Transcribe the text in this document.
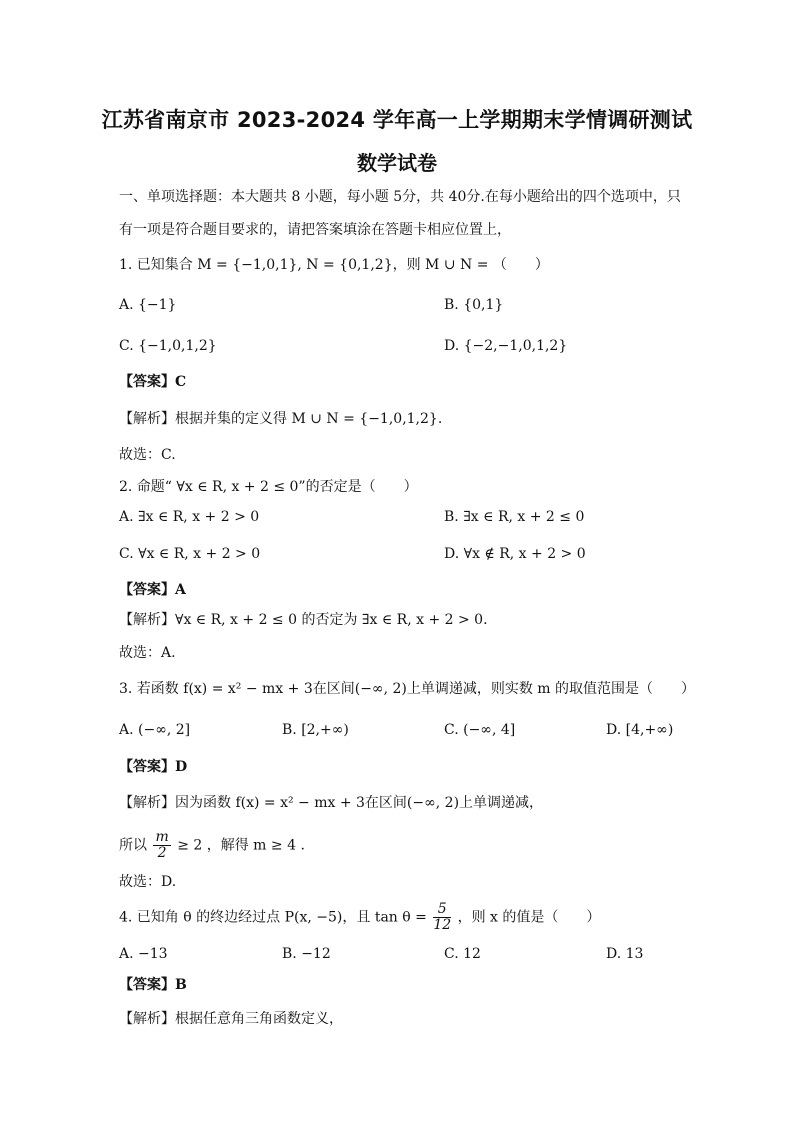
江苏省南京市 2023-2024 学年高一上学期期末学情调研测试
数学试卷
一、单项选择题：本大题共 8 小题，每小题 5分，共 40分.在每小题给出的四个选项中，只
有一项是符合题目要求的，请把答案填涂在答题卡相应位置上，
1. 已知集合 M = {−1,0,1}, N = {0,1,2}，则 M ∪ N = （　　）
A. {−1}	B. {0,1}
C. {−1,0,1,2}	D. {−2,−1,0,1,2}
【答案】C
【解析】根据并集的定义得 M ∪ N = {−1,0,1,2}.
故选：C.
2. 命题“ ∀x ∈ R, x + 2 ≤ 0”的否定是（　　）
A. ∃x ∈ R, x + 2 > 0	B. ∃x ∈ R, x + 2 ≤ 0
C. ∀x ∈ R, x + 2 > 0	D. ∀x ∉ R, x + 2 > 0
【答案】A
【解析】∀x ∈ R, x + 2 ≤ 0 的否定为 ∃x ∈ R, x + 2 > 0.
故选：A.
3. 若函数 f(x) = x² − mx + 3在区间(−∞, 2)上单调递减，则实数 m 的取值范围是（　　）
A. (−∞, 2]	B. [2,+∞)	C. (−∞, 4]	D. [4,+∞)
【答案】D
【解析】因为函数 f(x) = x² − mx + 3在区间(−∞, 2)上单调递减，
所以 $\frac{m}{2} \ge 2$ ，解得 m ≥ 4 .
故选：D.
4. 已知角 θ 的终边经过点 P(x, −5)，且 $\tan \theta = \frac{5}{12}$ ，则 x 的值是（　　）
A. −13	B. −12	C. 12	D. 13
【答案】B
【解析】根据任意角三角函数定义，
